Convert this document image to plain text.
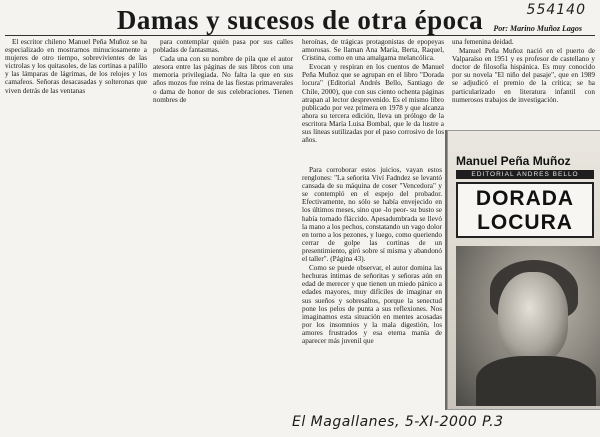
554140
Damas y sucesos de otra época	Por: Marino Muñoz Lagos

El escritor chileno Manuel Peña Muñoz se ha especializado en mostrarnos minuciosamente a mujeres de otro tiempo, sobrevivientes de las victrolas y los quitasoles, de las cortinas a palillo y las lámparas de lágrimas, de los relojes y los camafeos. Señoras desacasadas y solteronas que viven detrás de las ventanas

para contemplar quién pasa por sus calles pobladas de fantasmas.

Cada una con su nombre de pila que el autor atesora entre las páginas de sus libros con una memoria privilegiada. No falta la que en sus años mozos fue reina de las fiestas primaverales o dama de honor de sus celebraciones. Tienen nombres de

heroínas, de trágicas protagonistas de epopeyas amorosas. Se llaman Ana María, Berta, Raquel, Cristina, como en una amalgama melancólica.

Evocan y respiran en los cuentos de Manuel Peña Muñoz que se agrupan en el libro "Dorada locura" (Editorial Andrés Bello, Santiago de Chile, 2000), que con sus ciento ochenta páginas atrapan al lector desprevenido. Es el mismo libro publicado por vez primera en 1978 y que alcanza ahora su tercera edición, lleva un prólogo de la escritora María Luisa Bombal, que le da lustre a sus líneas sutilizadas por el paso corrosivo de los años.

Para corroborar estos juicios, vayan estos renglones: "La señorita Viví Fadndez se levantó cansada de su máquina de coser "Vencedora" y se contempló en el espejo del probador. Efectivamente, no sólo se había envejecido en los últimos meses, sino que -lo peor- su busto se había tornado fláccido. Apesadumbrada se llevó la mano a los pechos, constatando un vago dolor en torno a los pezones, y luego, como queriendo cerrar de golpe las cortinas de un presentimiento, giró sobre sí misma y abandonó el taller". (Página 43).

Como se puede observar, el autor domina las hechuras íntimas de señoritas y señoras aún en edad de merecer y que tienen un miedo pánico a edades mayores, muy difíciles de imaginar en sus sueños y sobresaltos, porque la senectud pone los pelos de punta a sus reflexiones. Nos imaginamos esta situación en mentes acosadas por los insomnios y la mala digestión, los amores frustrados y esa eterna manía de aparecer más juvenil que

una femenina deidad.

Manuel Peña Muñoz nació en el puerto de Valparaíso en 1951 y es profesor de castellano y doctor de filosofía hispánica. Es muy conocido por su novela "El niño del pasaje", que en 1989 se adjudicó el premio de la crítica; se ha particularizado en literatura infantil con numerosos trabajos de investigación.

Manuel Peña Muñoz
EDITORIAL ANDRES BELLO
DORADA
LOCURA
El Magallanes, 5-XI-2000 P.3
